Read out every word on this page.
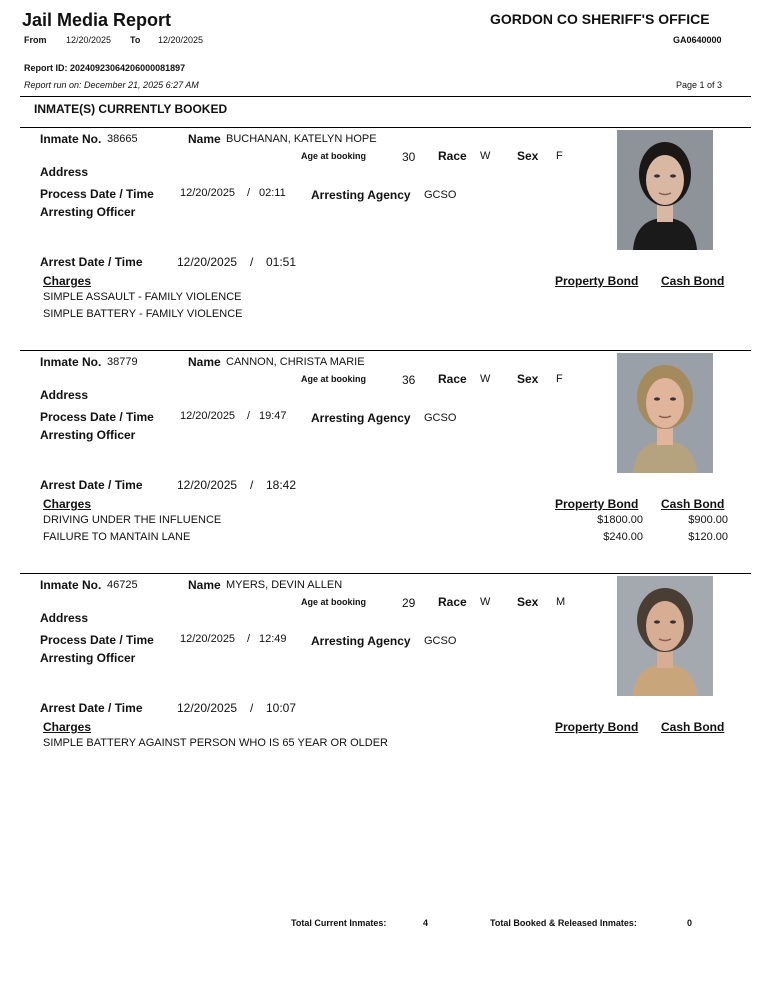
Jail Media Report	GORDON CO SHERIFF'S OFFICE
From 12/20/2025 To 12/20/2025	GA0640000
Report ID: 20240923064206000081897
Report run on: December 21, 2025 6:27 AM	Page 1 of 3
INMATE(S) CURRENTLY BOOKED
Inmate No. 38665	Name BUCHANAN, KATELYN HOPE
Age at booking	30 Race W Sex F
Address
Process Date / Time 12/20/2025 / 02:11 Arresting Agency GCSO
Arresting Officer
Arrest Date / Time	12/20/2025 / 01:51
Charges	Property Bond Cash Bond
SIMPLE ASSAULT - FAMILY VIOLENCE
SIMPLE BATTERY - FAMILY VIOLENCE
Inmate No. 38779	Name CANNON, CHRISTA MARIE
Age at booking	36 Race W Sex F
Address
Process Date / Time 12/20/2025 / 19:47 Arresting Agency GCSO
Arresting Officer
Arrest Date / Time	12/20/2025 / 18:42
Charges	Property Bond Cash Bond
DRIVING UNDER THE INFLUENCE	$1800.00	$900.00
FAILURE TO MANTAIN LANE	$240.00	$120.00
Inmate No. 46725	Name MYERS, DEVIN ALLEN
Age at booking	29 Race W Sex M
Address
Process Date / Time 12/20/2025 / 12:49 Arresting Agency GCSO
Arresting Officer
Arrest Date / Time	12/20/2025 / 10:07
Charges	Property Bond Cash Bond
SIMPLE BATTERY AGAINST PERSON WHO IS 65 YEAR OR OLDER
Total Current Inmates:	4	Total Booked & Released Inmates:	0
